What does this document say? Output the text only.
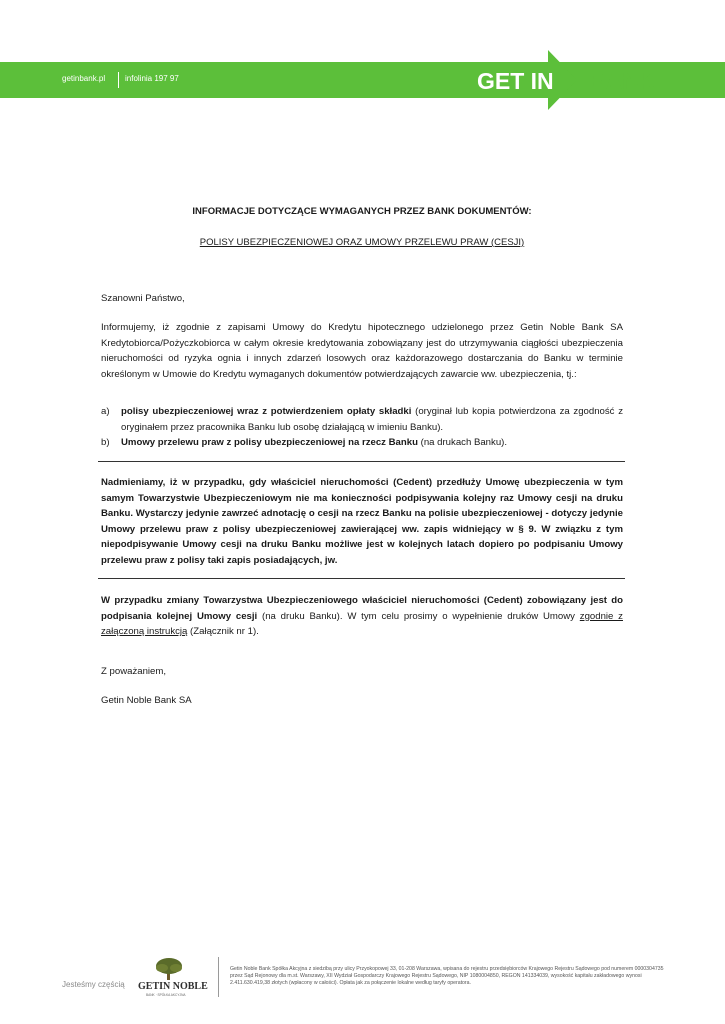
getinbank.pl infolinia 197 97	GET IN BANK
INFORMACJE DOTYCZĄCE WYMAGANYCH PRZEZ BANK DOKUMENTÓW:
POLISY UBEZPIECZENIOWEJ ORAZ UMOWY PRZELEWU PRAW (CESJI)
Szanowni Państwo,
Informujemy, iż zgodnie z zapisami Umowy do Kredytu hipotecznego udzielonego przez Getin Noble Bank SA Kredytobiorca/Pożyczkobiorca w całym okresie kredytowania zobowiązany jest do utrzymywania ciągłości ubezpieczenia nieruchomości od ryzyka ognia i innych zdarzeń losowych oraz każdorazowego dostarczania do Banku w terminie określonym w Umowie do Kredytu wymaganych dokumentów potwierdzających zawarcie ww. ubezpieczenia, tj.:
a) polisy ubezpieczeniowej wraz z potwierdzeniem opłaty składki (oryginał lub kopia potwierdzona za zgodność z oryginałem przez pracownika Banku lub osobę działającą w imieniu Banku).
b) Umowy przelewu praw z polisy ubezpieczeniowej na rzecz Banku (na drukach Banku).
Nadmieniamy, iż w przypadku, gdy właściciel nieruchomości (Cedent) przedłuży Umowę ubezpieczenia w tym samym Towarzystwie Ubezpieczeniowym nie ma konieczności podpisywania kolejny raz Umowy cesji na druku Banku. Wystarczy jedynie zawrzeć adnotację o cesji na rzecz Banku na polisie ubezpieczeniowej - dotyczy jedynie Umowy przelewu praw z polisy ubezpieczeniowej zawierającej ww. zapis widniejący w § 9. W związku z tym niepodpisywanie Umowy cesji na druku Banku możliwe jest w kolejnych latach dopiero po podpisaniu Umowy przelewu praw z polisy taki zapis posiadających, jw.
W przypadku zmiany Towarzystwa Ubezpieczeniowego właściciel nieruchomości (Cedent) zobowiązany jest do podpisania kolejnej Umowy cesji (na druku Banku). W tym celu prosimy o wypełnienie druków Umowy zgodnie z załączoną instrukcją (Załącznik nr 1).
Z poważaniem,
Getin Noble Bank SA
Jesteśmy częścią GETIN NOBLE
BANK · SPÓŁKA AKCYJNA
Getin Noble Bank Spółka Akcyjna z siedzibą przy ulicy Przyokopowej 33, 01-208 Warszawa, wpisana do rejestru przedsiębiorców Krajowego Rejestru Sądowego pod numerem 0000304735 przez Sąd Rejonowy dla m.st. Warszawy, XII Wydział Gospodarczy Krajowego Rejestru Sądowego, NIP 1080004850, REGON 141334039, wysokość kapitału zakładowego wynosi 2.411.630.419,38 złotych (wpłacony w całości). Opłata jak za połączenie lokalne według taryfy operatora.
